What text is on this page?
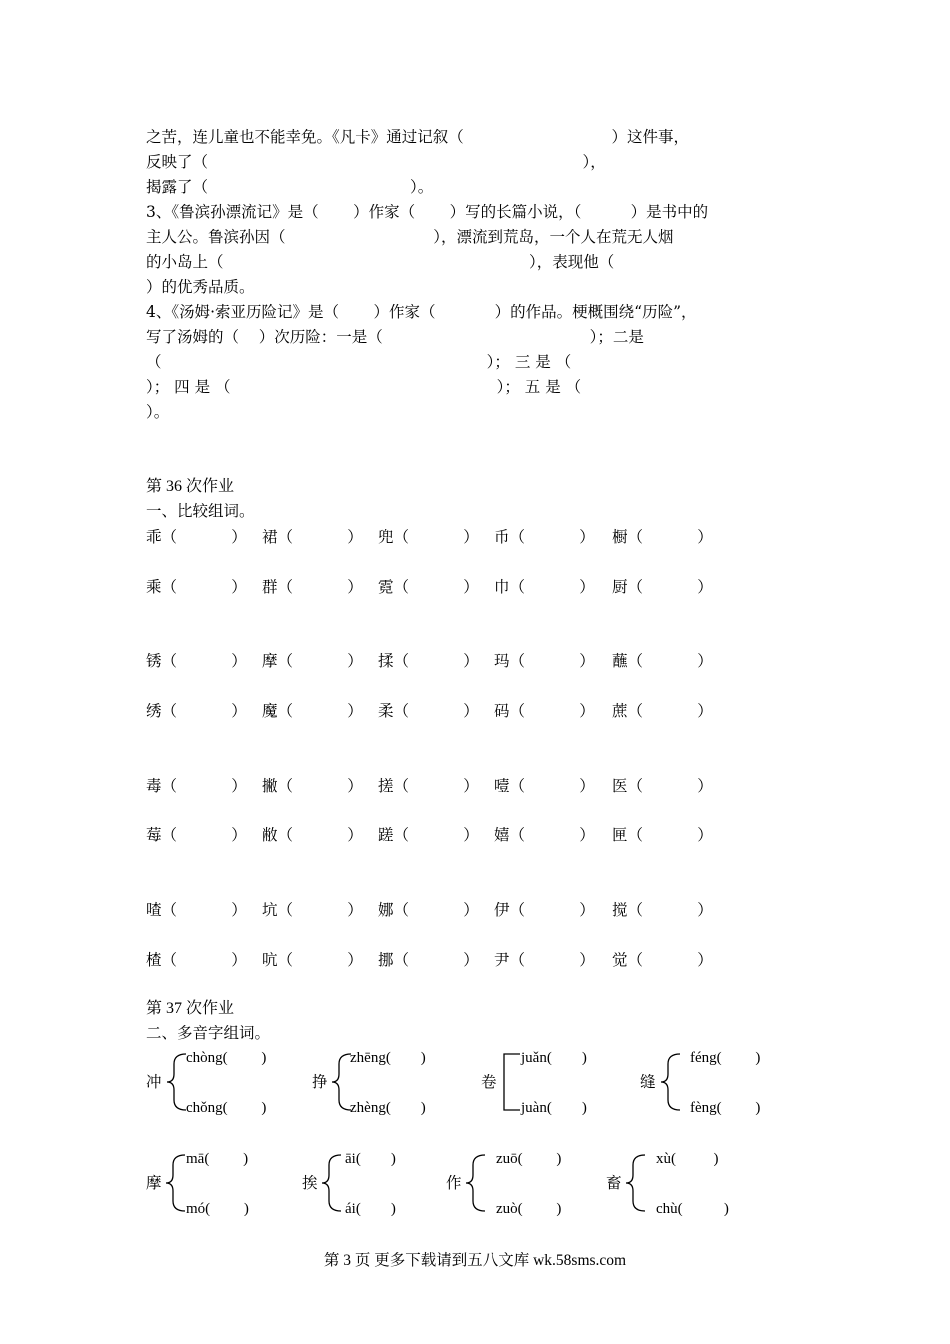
之苦，连儿童也不能幸免。《凡卡》通过记叙（                              ）这件事，
反映了（                                                                            ），
揭露了（                                         ）。
3、《鲁滨孙漂流记》是（       ）作家（       ）写的长篇小说，（          ）是书中的
主人公。鲁滨孙因（                              ），漂流到荒岛，一个人在荒无人烟
的小岛上（                                                              ），表现他（
）的优秀品质。
4、《汤姆·索亚历险记》是（       ）作家（            ）的作品。梗概围绕“历险”，
写了汤姆的（    ）次历险：一是（                                          ）；二是
（                                                                  ）； 三 是 （
）； 四 是 （                                                      ）； 五 是 （
）。
第 36 次作业
一、比较组词。
乖（           ） 裙（           ） 兜（           ） 币（           ） 橱（           ）
乘（           ） 群（           ） 霓（           ） 巾（           ） 厨（           ）
锈（           ） 摩（           ） 揉（           ） 玛（           ） 蘸（           ）
绣（           ） 魔（           ） 柔（           ） 码（           ） 蔗（           ）
毒（           ） 撇（           ） 搓（           ） 噎（           ） 医（           ）
莓（           ） 敝（           ） 蹉（           ） 嬉（           ） 匣（           ）
喳（           ） 坑（           ） 娜（           ） 伊（           ） 搅（           ）
楂（           ） 吭（           ） 挪（           ） 尹（           ） 觉（           ）
第 37 次作业
二、多音字组词。
冲
chòng(         )
chǒng(         )
挣
zhēng(        )
zhèng(        )
卷
juǎn(        )
juàn(        )
缝
féng(         )
fèng(         )
摩
mā(         )
mó(         )
挨
āi(        )
ái(        )
作
zuō(         )
zuò(         )
畜
xù(          )
chù(           )
第 3 页 更多下载请到五八文库 wk.58sms.com
